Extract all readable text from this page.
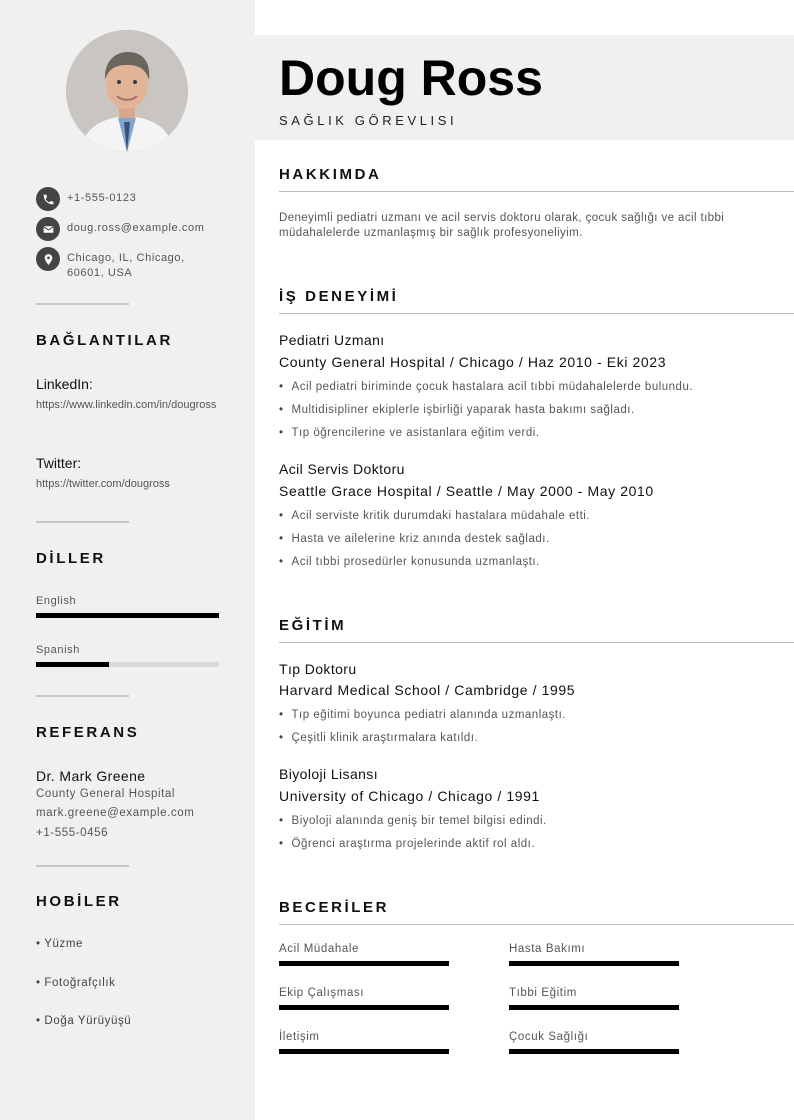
+1-555-0123
doug.ross@example.com
Chicago, IL, Chicago,
60601, USA
BAĞLANTILAR
LinkedIn:
https://www.linkedin.com/in/dougross
Twitter:
https://twitter.com/dougross
DİLLER
English
Spanish
REFERANS
Dr. Mark Greene
County General Hospital
mark.greene@example.com
+1-555-0456
HOBİLER
• Yüzme
• Fotoğrafçılık
• Doğa Yürüyüşü
Doug Ross
SAĞLIK GÖREVLISI
HAKKIMDA
Deneyimli pediatri uzmanı ve acil servis doktoru olarak, çocuk sağlığı ve acil tıbbi müdahalelerde uzmanlaşmış bir sağlık profesyoneliyim.
İŞ DENEYİMİ
Pediatri Uzmanı
County General Hospital / Chicago / Haz 2010 - Eki 2023
• Acil pediatri biriminde çocuk hastalara acil tıbbi müdahalelerde bulundu.
• Multidisipliner ekiplerle işbirliği yaparak hasta bakımı sağladı.
• Tıp öğrencilerine ve asistanlara eğitim verdi.
Acil Servis Doktoru
Seattle Grace Hospital / Seattle / May 2000 - May 2010
• Acil serviste kritik durumdaki hastalara müdahale etti.
• Hasta ve ailelerine kriz anında destek sağladı.
• Acil tıbbi prosedürler konusunda uzmanlaştı.
EĞİTİM
Tıp Doktoru
Harvard Medical School / Cambridge / 1995
• Tıp eğitimi boyunca pediatri alanında uzmanlaştı.
• Çeşitli klinik araştırmalara katıldı.
Biyoloji Lisansı
University of Chicago / Chicago / 1991
• Biyoloji alanında geniş bir temel bilgisi edindi.
• Öğrenci araştırma projelerinde aktif rol aldı.
BECERİLER
Acil Müdahale	Hasta Bakımı
Ekip Çalışması	Tıbbi Eğitim
İletişim	Çocuk Sağlığı
